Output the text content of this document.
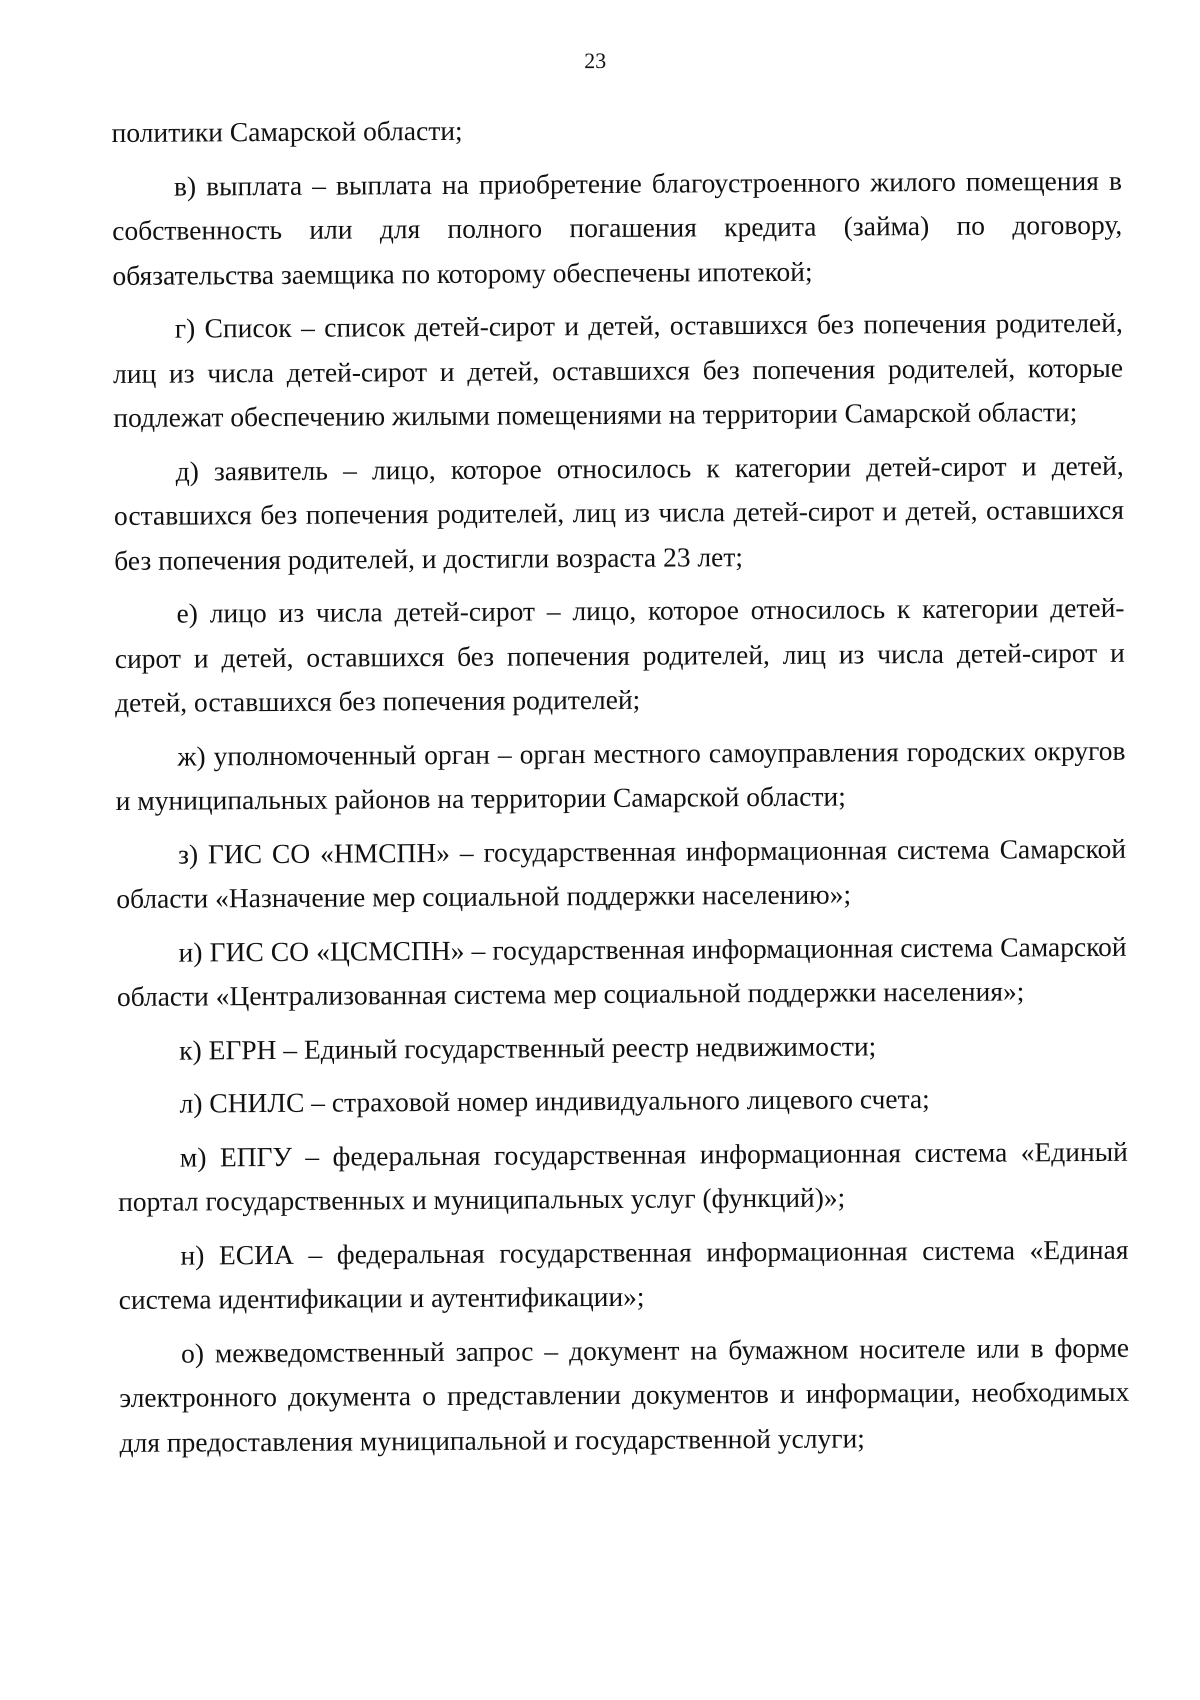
23

политики Самарской области;

в) выплата – выплата на приобретение благоустроенного жилого помещения в собственность или для полного погашения кредита (займа) по договору, обязательства заемщика по которому обеспечены ипотекой;

г) Список – список детей-сирот и детей, оставшихся без попечения родителей, лиц из числа детей-сирот и детей, оставшихся без попечения родителей, которые подлежат обеспечению жилыми помещениями на территории Самарской области;

д) заявитель – лицо, которое относилось к категории детей-сирот и детей, оставшихся без попечения родителей, лиц из числа детей-сирот и детей, оставшихся без попечения родителей, и достигли возраста 23 лет;

е) лицо из числа детей-сирот – лицо, которое относилось к категории детей-сирот и детей, оставшихся без попечения родителей, лиц из числа детей-сирот и детей, оставшихся без попечения родителей;

ж) уполномоченный орган – орган местного самоуправления городских округов и муниципальных районов на территории Самарской области;

з) ГИС СО «НМСПН» – государственная информационная система Самарской области «Назначение мер социальной поддержки населению»;

и) ГИС СО «ЦСМСПН» – государственная информационная система Самарской области «Централизованная система мер социальной поддержки населения»;

к) ЕГРН – Единый государственный реестр недвижимости;

л) СНИЛС – страховой номер индивидуального лицевого счета;

м) ЕПГУ – федеральная государственная информационная система «Единый портал государственных и муниципальных услуг (функций)»;

н) ЕСИА – федеральная государственная информационная система «Единая система идентификации и аутентификации»;

о) межведомственный запрос – документ на бумажном носителе или в форме электронного документа о представлении документов и информации, необходимых для предоставления муниципальной и государственной услуги;
